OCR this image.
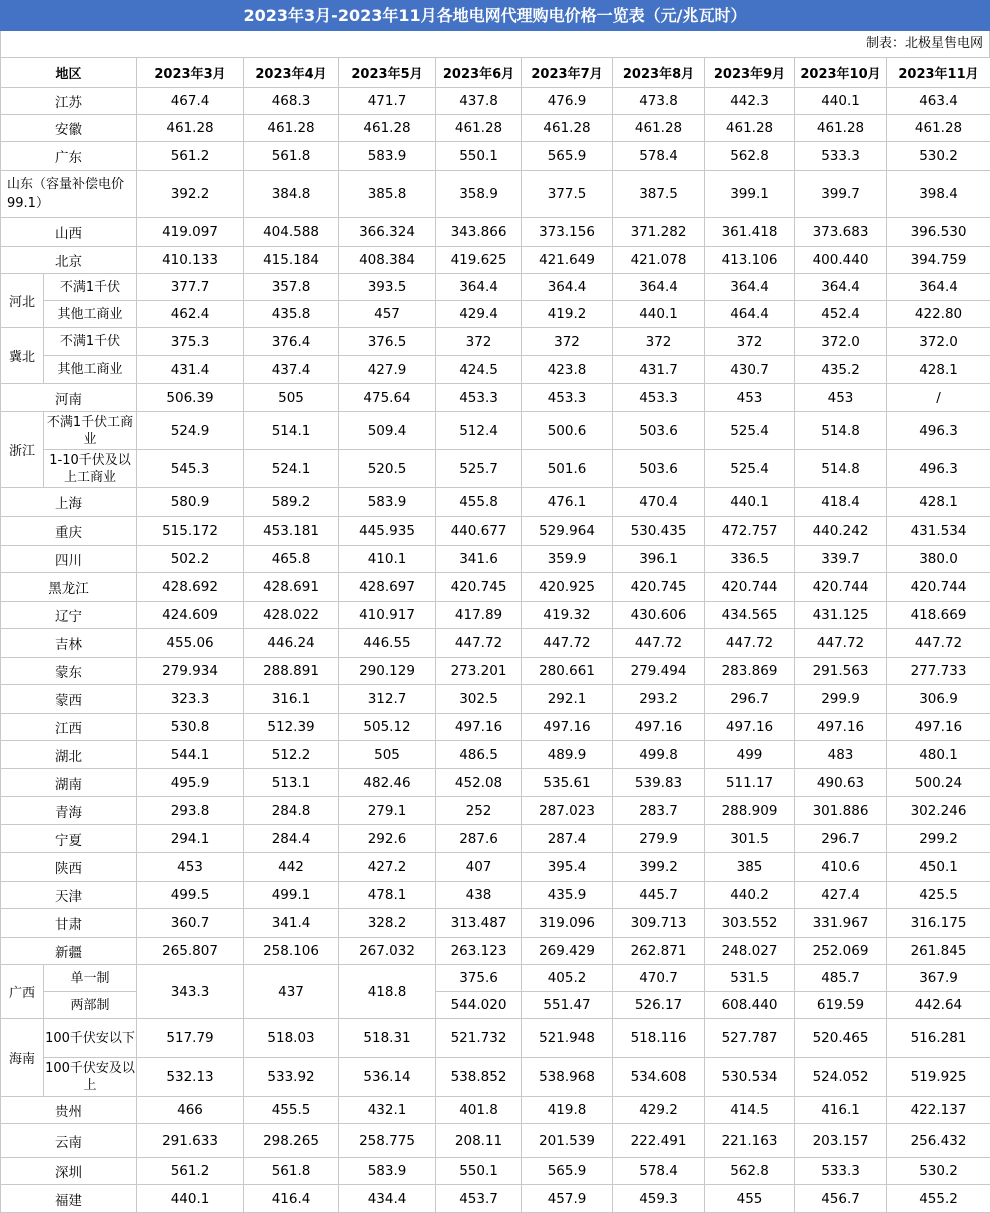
2023年3月-2023年11月各地电网代理购电价格一览表（元/兆瓦时）
制表：北极星售电网
地区		2023年3月	2023年4月	2023年5月	2023年6月	2023年7月	2023年8月	2023年9月	2023年10月	2023年11月
江苏		467.4	468.3	471.7	437.8	476.9	473.8	442.3	440.1	463.4
安徽		461.28	461.28	461.28	461.28	461.28	461.28	461.28	461.28	461.28
广东		561.2	561.8	583.9	550.1	565.9	578.4	562.8	533.3	530.2
山东（容量补偿电价99.1）		392.2	384.8	385.8	358.9	377.5	387.5	399.1	399.7	398.4
山西		419.097	404.588	366.324	343.866	373.156	371.282	361.418	373.683	396.530
北京		410.133	415.184	408.384	419.625	421.649	421.078	413.106	400.440	394.759
河北	不满1千伏	377.7	357.8	393.5	364.4	364.4	364.4	364.4	364.4	364.4
	其他工商业	462.4	435.8	457	429.4	419.2	440.1	464.4	452.4	422.80
冀北	不满1千伏	375.3	376.4	376.5	372	372	372	372	372.0	372.0
	其他工商业	431.4	437.4	427.9	424.5	423.8	431.7	430.7	435.2	428.1
河南		506.39	505	475.64	453.3	453.3	453.3	453	453	/
浙江	不满1千伏工商业	524.9	514.1	509.4	512.4	500.6	503.6	525.4	514.8	496.3
	1-10千伏及以上工商业	545.3	524.1	520.5	525.7	501.6	503.6	525.4	514.8	496.3
上海		580.9	589.2	583.9	455.8	476.1	470.4	440.1	418.4	428.1
重庆		515.172	453.181	445.935	440.677	529.964	530.435	472.757	440.242	431.534
四川		502.2	465.8	410.1	341.6	359.9	396.1	336.5	339.7	380.0
黑龙江		428.692	428.691	428.697	420.745	420.925	420.745	420.744	420.744	420.744
辽宁		424.609	428.022	410.917	417.89	419.32	430.606	434.565	431.125	418.669
吉林		455.06	446.24	446.55	447.72	447.72	447.72	447.72	447.72	447.72
蒙东		279.934	288.891	290.129	273.201	280.661	279.494	283.869	291.563	277.733
蒙西		323.3	316.1	312.7	302.5	292.1	293.2	296.7	299.9	306.9
江西		530.8	512.39	505.12	497.16	497.16	497.16	497.16	497.16	497.16
湖北		544.1	512.2	505	486.5	489.9	499.8	499	483	480.1
湖南		495.9	513.1	482.46	452.08	535.61	539.83	511.17	490.63	500.24
青海		293.8	284.8	279.1	252	287.023	283.7	288.909	301.886	302.246
宁夏		294.1	284.4	292.6	287.6	287.4	279.9	301.5	296.7	299.2
陕西		453	442	427.2	407	395.4	399.2	385	410.6	450.1
天津		499.5	499.1	478.1	438	435.9	445.7	440.2	427.4	425.5
甘肃		360.7	341.4	328.2	313.487	319.096	309.713	303.552	331.967	316.175
新疆		265.807	258.106	267.032	263.123	269.429	262.871	248.027	252.069	261.845
广西	单一制	343.3	437	418.8	375.6	405.2	470.7	531.5	485.7	367.9
	两部制				544.020	551.47	526.17	608.440	619.59	442.64
海南	100千伏安以下	517.79	518.03	518.31	521.732	521.948	518.116	527.787	520.465	516.281
	100千伏安及以上	532.13	533.92	536.14	538.852	538.968	534.608	530.534	524.052	519.925
贵州		466	455.5	432.1	401.8	419.8	429.2	414.5	416.1	422.137
云南		291.633	298.265	258.775	208.11	201.539	222.491	221.163	203.157	256.432
深圳		561.2	561.8	583.9	550.1	565.9	578.4	562.8	533.3	530.2
福建		440.1	416.4	434.4	453.7	457.9	459.3	455	456.7	455.2
